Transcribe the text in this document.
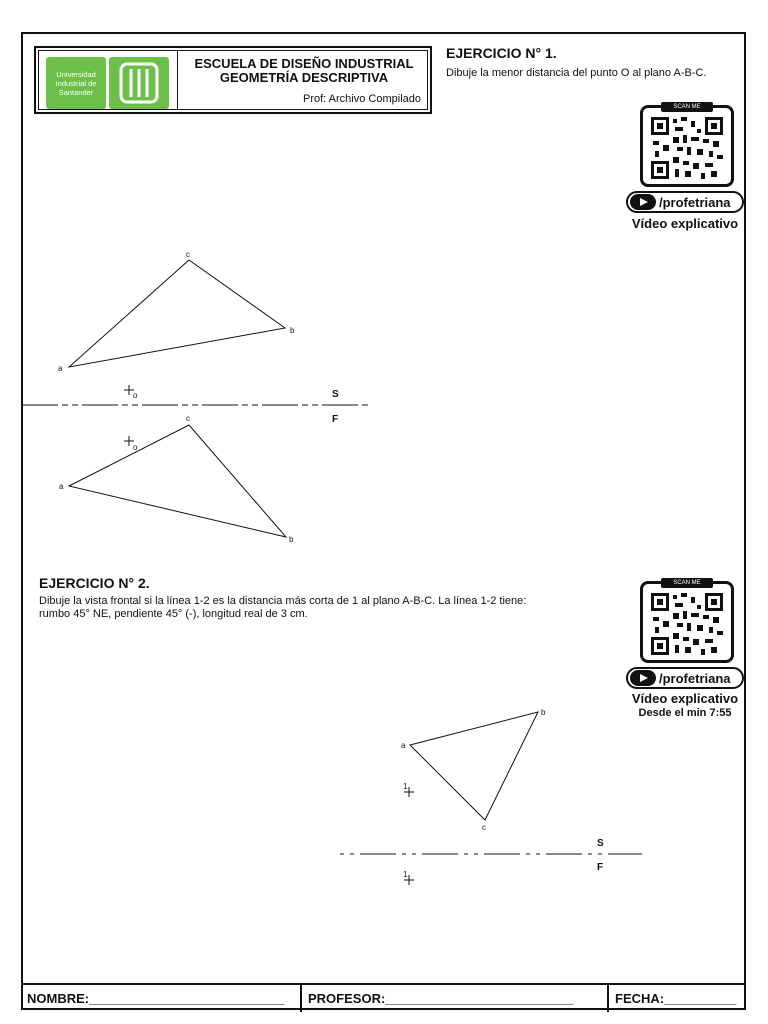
Universidad Industrial de Santander
ESCUELA DE DISEÑO INDUSTRIAL
GEOMETRÍA DESCRIPTIVA
Prof: Archivo Compilado
EJERCICIO N° 1.
Dibuje la menor distancia del punto O al plano A-B-C.
SCAN ME
/profetriana
Vídeo explicativo
EJERCICIO N° 2.
Dibuje la vista frontal si la línea 1-2 es la distancia más corta de 1 al plano A-B-C. La línea 1-2 tiene:
rumbo 45° NE, pendiente 45° (-), longitud real de 3 cm.
SCAN ME
/profetriana
Vídeo explicativo
Desde el min 7:55
c
b
a
o	S
F
c
b
a
o
b
a
c
1
S
F
1
NOMBRE:___________________________	PROFESOR:__________________________	FECHA:__________
